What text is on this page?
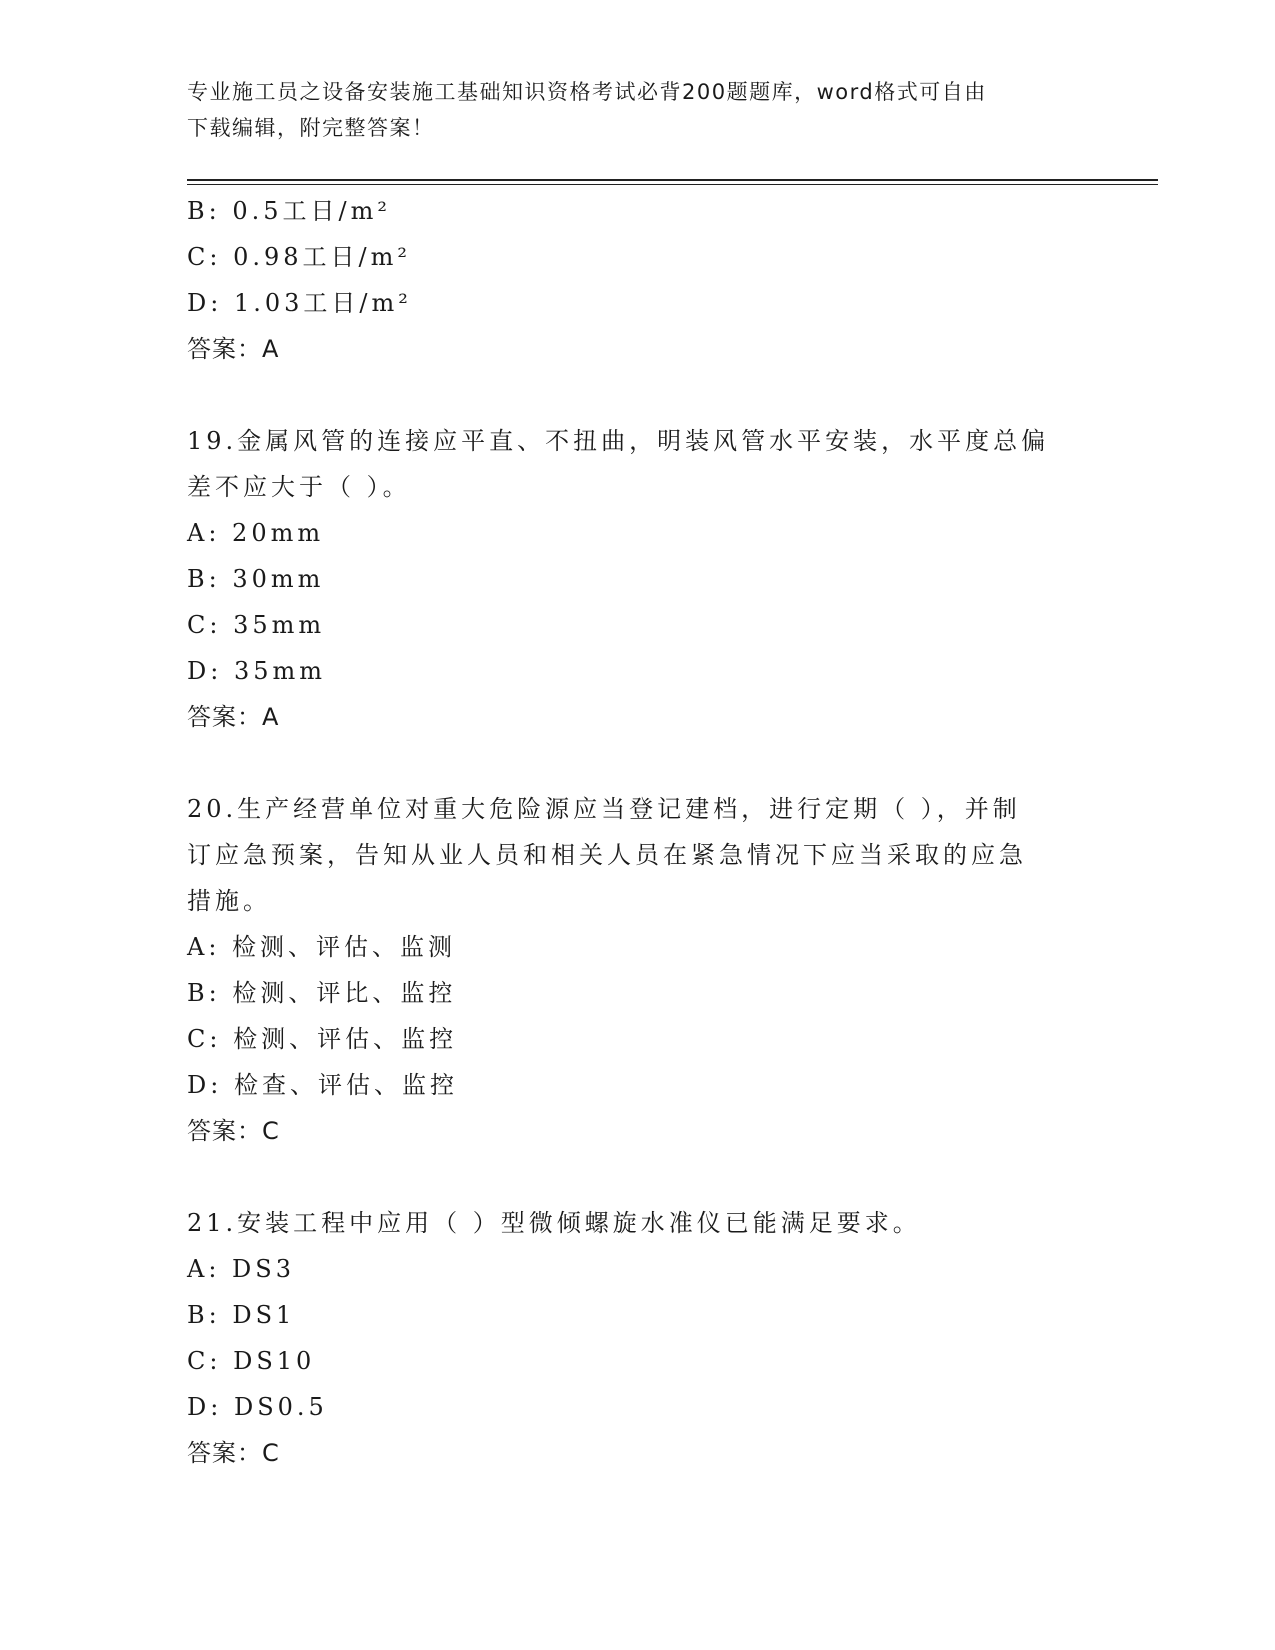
专业施工员之设备安装施工基础知识资格考试必背200题题库，word格式可自由
下载编辑，附完整答案！
B: 0.5工日/m²
C: 0.98工日/m²
D: 1.03工日/m²
答案：A
19.金属风管的连接应平直、不扭曲，明装风管水平安装，水平度总偏
差不应大于（ ）。
A: 20mm
B: 30mm
C: 35mm
D: 35mm
答案：A
20.生产经营单位对重大危险源应当登记建档，进行定期（ ），并制
订应急预案，告知从业人员和相关人员在紧急情况下应当采取的应急
措施。
A: 检测、评估、监测
B: 检测、评比、监控
C: 检测、评估、监控
D: 检查、评估、监控
答案：C
21.安装工程中应用（ ）型微倾螺旋水准仪已能满足要求。
A: DS3
B: DS1
C: DS10
D: DS0.5
答案：C
